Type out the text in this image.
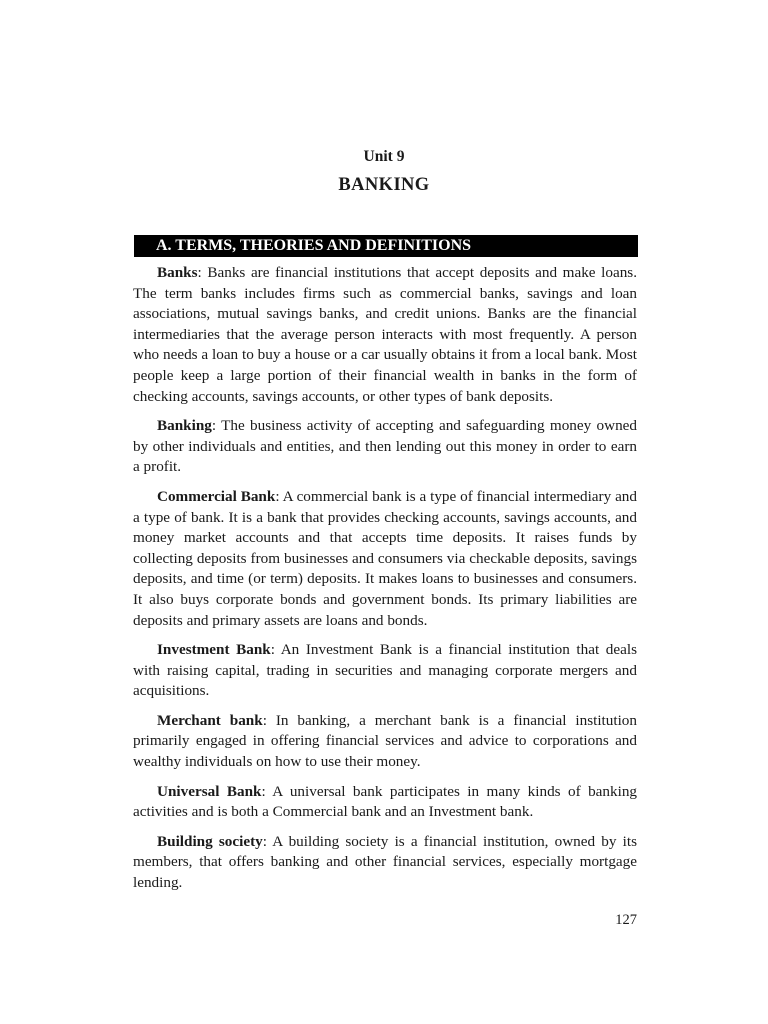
Unit 9
BANKING
A. TERMS, THEORIES AND DEFINITIONS

Banks: Banks are financial institutions that accept deposits and make loans. The term banks includes firms such as commercial banks, savings and loan associations, mutual savings banks, and credit unions. Banks are the financial intermediaries that the average person interacts with most frequently. A person who needs a loan to buy a house or a car usually obtains it from a local bank. Most people keep a large portion of their financial wealth in banks in the form of checking accounts, savings accounts, or other types of bank deposits.

Banking: The business activity of accepting and safeguarding money owned by other individuals and entities, and then lending out this money in order to earn a profit.

Commercial Bank: A commercial bank is a type of financial intermediary and a type of bank. It is a bank that provides checking accounts, savings accounts, and money market accounts and that accepts time deposits. It raises funds by collecting deposits from businesses and consumers via checkable deposits, savings deposits, and time (or term) deposits. It makes loans to businesses and consumers. It also buys corporate bonds and government bonds. Its primary liabilities are deposits and primary assets are loans and bonds.

Investment Bank: An Investment Bank is a financial institution that deals with raising capital, trading in securities and managing corporate mergers and acquisitions.

Merchant bank: In banking, a merchant bank is a financial institution primarily engaged in offering financial services and advice to corporations and wealthy individuals on how to use their money.

Universal Bank: A universal bank participates in many kinds of banking activities and is both a Commercial bank and an Investment bank.

Building society: A building society is a financial institution, owned by its members, that offers banking and other financial services, especially mortgage lending.

127
